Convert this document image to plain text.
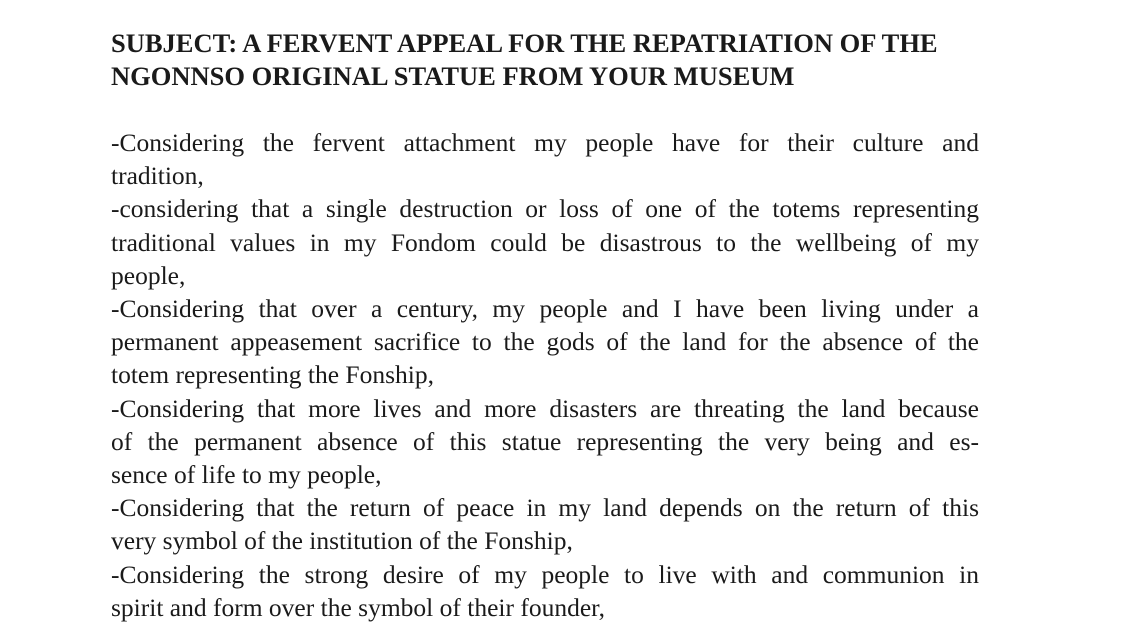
SUBJECT: A FERVENT APPEAL FOR THE REPATRIATION OF THE
NGONNSO ORIGINAL STATUE FROM YOUR MUSEUM

-Considering the fervent attachment my people have for their culture and
tradition,

-considering that a single destruction or loss of one of the totems representing
traditional values in my Fondom could be disastrous to the wellbeing of my
people,

-Considering that over a century, my people and I have been living under a
permanent appeasement sacrifice to the gods of the land for the absence of the
totem representing the Fonship,

-Considering that more lives and more disasters are threating the land because
of the permanent absence of this statue representing the very being and es-
sence of life to my people,

-Considering that the return of peace in my land depends on the return of this
very symbol of the institution of the Fonship,

-Considering the strong desire of my people to live with and communion in
spirit and form over the symbol of their founder,
